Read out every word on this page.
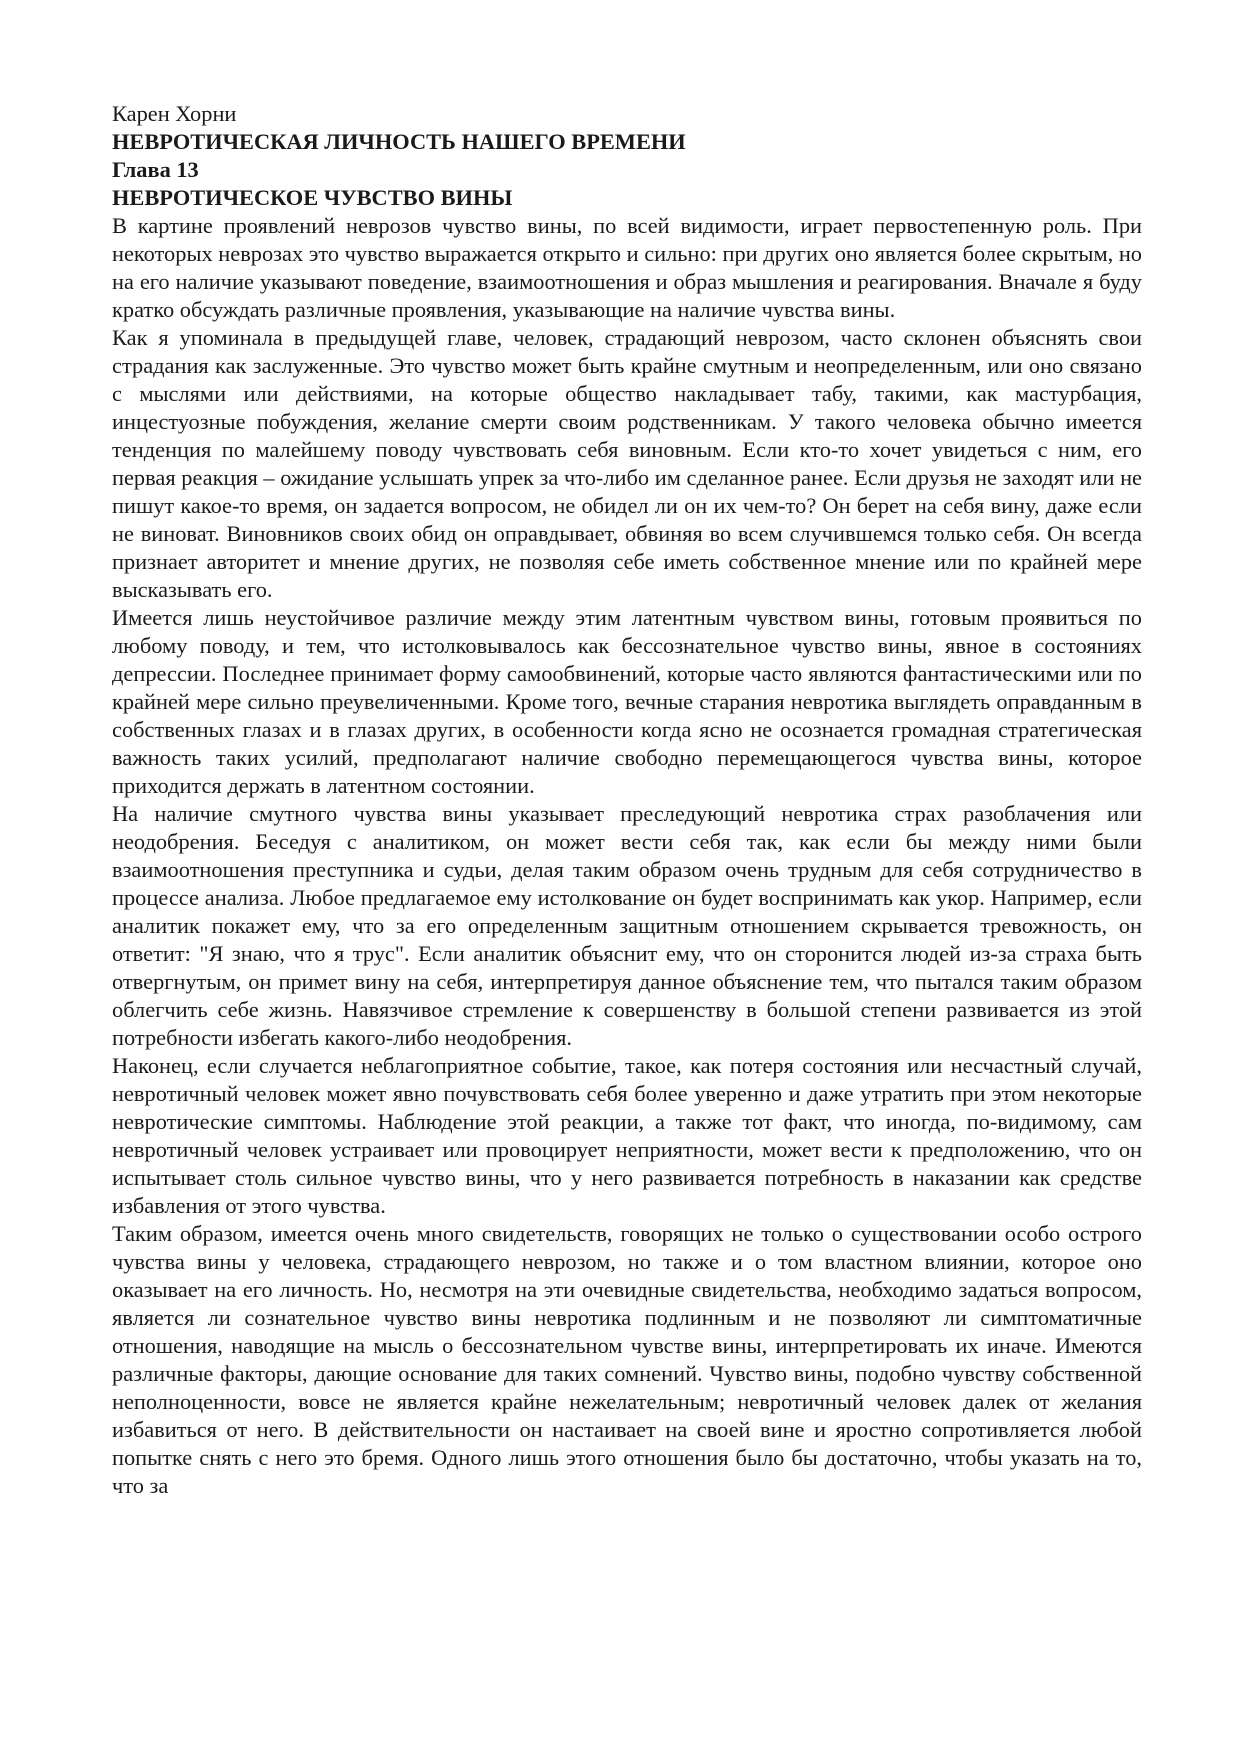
Карен Хорни

НЕВРОТИЧЕСКАЯ ЛИЧНОСТЬ НАШЕГО ВРЕМЕНИ

Глава 13

НЕВРОТИЧЕСКОЕ ЧУВСТВО ВИНЫ

В картине проявлений неврозов чувство вины, по всей видимости, играет первостепенную роль. При некоторых неврозах это чувство выражается открыто и сильно: при других оно является более скрытым, но на его наличие указывают поведение, взаимоотношения и образ мышления и реагирования. Вначале я буду кратко обсуждать различные проявления, указывающие на наличие чувства вины.

Как я упоминала в предыдущей главе, человек, страдающий неврозом, часто склонен объяснять свои страдания как заслуженные. Это чувство может быть крайне смутным и неопределенным, или оно связано с мыслями или действиями, на которые общество накладывает табу, такими, как мастурбация, инцестуозные побуждения, желание смерти своим родственникам. У такого человека обычно имеется тенденция по малейшему поводу чувствовать себя виновным. Если кто-то хочет увидеться с ним, его первая реакция – ожидание услышать упрек за что-либо им сделанное ранее. Если друзья не заходят или не пишут какое-то время, он задается вопросом, не обидел ли он их чем-то? Он берет на себя вину, даже если не виноват. Виновников своих обид он оправдывает, обвиняя во всем случившемся только себя. Он всегда признает авторитет и мнение других, не позволяя себе иметь собственное мнение или по крайней мере высказывать его.

Имеется лишь неустойчивое различие между этим латентным чувством вины, готовым проявиться по любому поводу, и тем, что истолковывалось как бессознательное чувство вины, явное в состояниях депрессии. Последнее принимает форму самообвинений, которые часто являются фантастическими или по крайней мере сильно преувеличенными. Кроме того, вечные старания невротика выглядеть оправданным в собственных глазах и в глазах других, в особенности когда ясно не осознается громадная стратегическая важность таких усилий, предполагают наличие свободно перемещающегося чувства вины, которое приходится держать в латентном состоянии.

На наличие смутного чувства вины указывает преследующий невротика страх разоблачения или неодобрения. Беседуя с аналитиком, он может вести себя так, как если бы между ними были взаимоотношения преступника и судьи, делая таким образом очень трудным для себя сотрудничество в процессе анализа. Любое предлагаемое ему истолкование он будет воспринимать как укор. Например, если аналитик покажет ему, что за его определенным защитным отношением скрывается тревожность, он ответит: "Я знаю, что я трус". Если аналитик объяснит ему, что он сторонится людей из-за страха быть отвергнутым, он примет вину на себя, интерпретируя данное объяснение тем, что пытался таким образом облегчить себе жизнь. Навязчивое стремление к совершенству в большой степени развивается из этой потребности избегать какого-либо неодобрения.

Наконец, если случается неблагоприятное событие, такое, как потеря состояния или несчастный случай, невротичный человек может явно почувствовать себя более уверенно и даже утратить при этом некоторые невротические симптомы. Наблюдение этой реакции, а также тот факт, что иногда, по-видимому, сам невротичный человек устраивает или провоцирует неприятности, может вести к предположению, что он испытывает столь сильное чувство вины, что у него развивается потребность в наказании как средстве избавления от этого чувства.

Таким образом, имеется очень много свидетельств, говорящих не только о существовании особо острого чувства вины у человека, страдающего неврозом, но также и о том властном влиянии, которое оно оказывает на его личность. Но, несмотря на эти очевидные свидетельства, необходимо задаться вопросом, является ли сознательное чувство вины невротика подлинным и не позволяют ли симптоматичные отношения, наводящие на мысль о бессознательном чувстве вины, интерпретировать их иначе. Имеются различные факторы, дающие основание для таких сомнений. Чувство вины, подобно чувству собственной неполноценности, вовсе не является крайне нежелательным; невротичный человек далек от желания избавиться от него. В действительности он настаивает на своей вине и яростно сопротивляется любой попытке снять с него это бремя. Одного лишь этого отношения было бы достаточно, чтобы указать на то, что за
